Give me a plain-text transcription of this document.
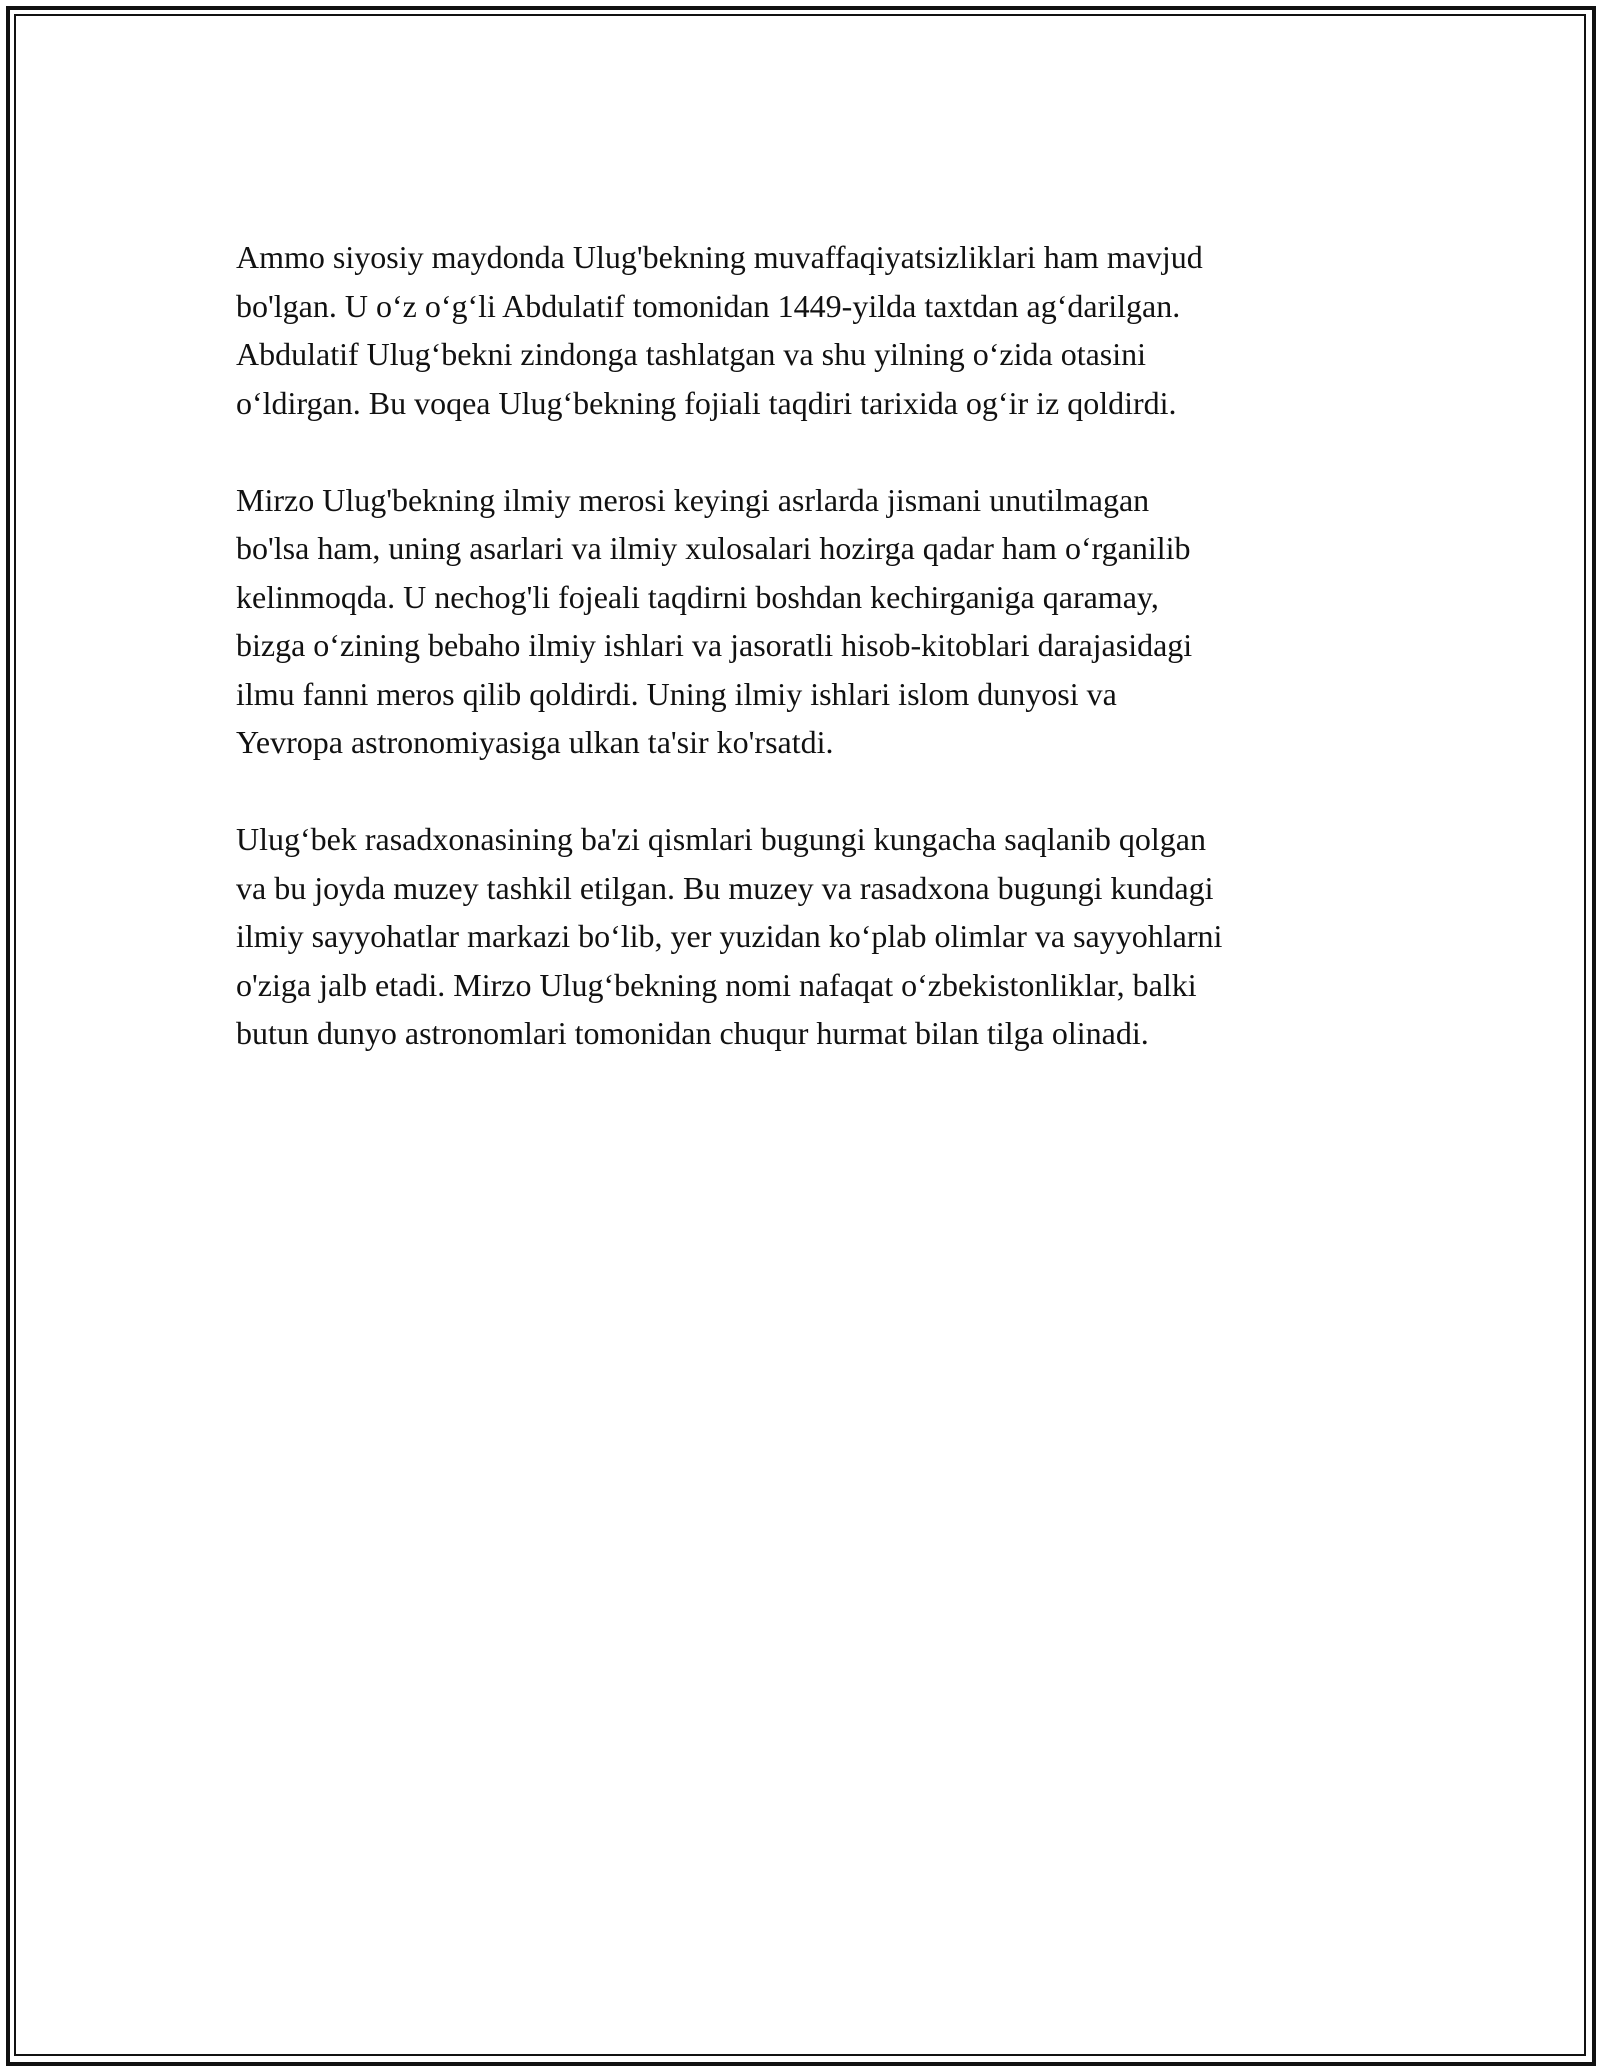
Ammo siyosiy maydonda Ulug'bekning muvaffaqiyatsizliklari ham mavjud
bo'lgan. U o‘z o‘g‘li Abdulatif tomonidan 1449-yilda taxtdan ag‘darilgan.
Abdulatif Ulug‘bekni zindonga tashlatgan va shu yilning o‘zida otasini
o‘ldirgan. Bu voqea Ulug‘bekning fojiali taqdiri tarixida og‘ir iz qoldirdi.

Mirzo Ulug'bekning ilmiy merosi keyingi asrlarda jismani unutilmagan
bo'lsa ham, uning asarlari va ilmiy xulosalari hozirga qadar ham o‘rganilib
kelinmoqda. U nechog'li fojeali taqdirni boshdan kechirganiga qaramay,
bizga o‘zining bebaho ilmiy ishlari va jasoratli hisob-kitoblari darajasidagi
ilmu fanni meros qilib qoldirdi. Uning ilmiy ishlari islom dunyosi va
Yevropa astronomiyasiga ulkan ta'sir ko'rsatdi.

Ulug‘bek rasadxonasining ba'zi qismlari bugungi kungacha saqlanib qolgan
va bu joyda muzey tashkil etilgan. Bu muzey va rasadxona bugungi kundagi
ilmiy sayyohatlar markazi bo‘lib, yer yuzidan ko‘plab olimlar va sayyohlarni
o'ziga jalb etadi. Mirzo Ulug‘bekning nomi nafaqat o‘zbekistonliklar, balki
butun dunyo astronomlari tomonidan chuqur hurmat bilan tilga olinadi.
